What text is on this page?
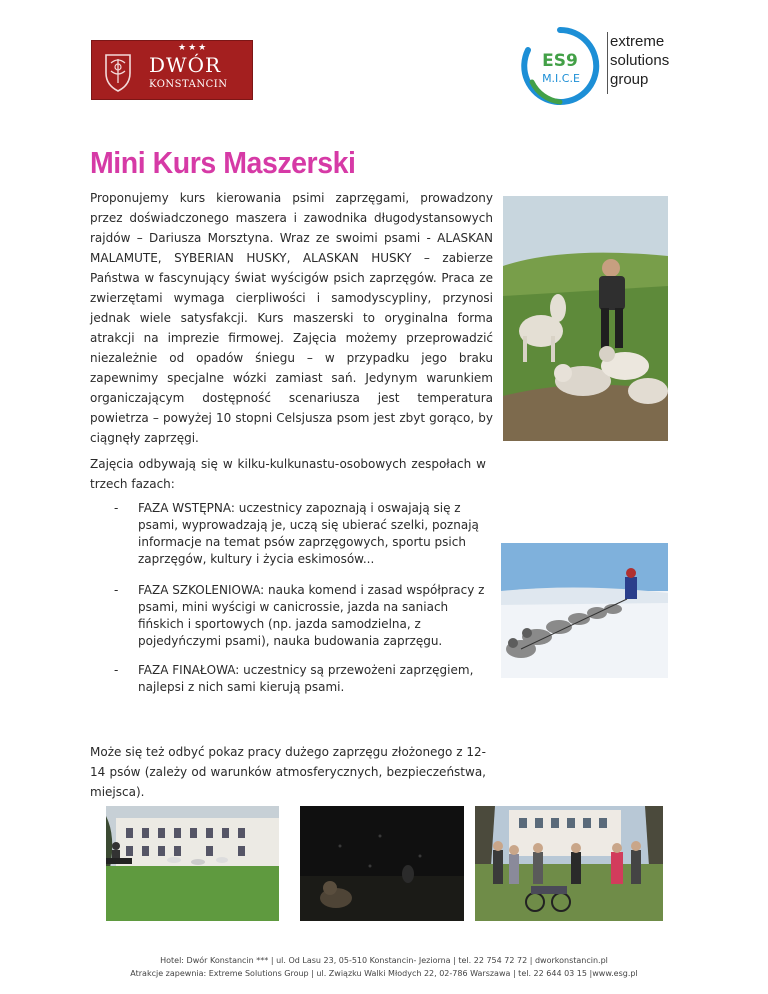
★★★
DWÓR
KONSTANCIN
ES9
M.I.C.E
extreme
solutions
group
Mini Kurs Maszerski
Proponujemy kurs kierowania psimi zaprzęgami, prowadzony przez doświadczonego maszera i zawodnika długodystansowych rajdów – Dariusza Morsztyna. Wraz ze swoimi psami - ALASKAN MALAMUTE, SYBERIAN HUSKY, ALASKAN HUSKY – zabierze Państwa w fascynujący świat wyścigów psich zaprzęgów. Praca ze zwierzętami wymaga cierpliwości i samodyscypliny, przynosi jednak wiele satysfakcji. Kurs maszerski to oryginalna forma atrakcji na imprezie firmowej. Zajęcia możemy przeprowadzić niezależnie od opadów śniegu – w przypadku jego braku zapewnimy specjalne wózki zamiast sań. Jedynym warunkiem organiczającym dostępność scenariusza jest temperatura powietrza – powyżej 10 stopni Celsjusza psom jest zbyt gorąco, by ciągnęły zaprzęgi.
Zajęcia odbywają się w kilku-kulkunastu-osobowych zespołach w trzech fazach:
- FAZA WSTĘPNA: uczestnicy zapoznają i oswajają się z psami, wyprowadzają je, uczą się ubierać szelki, poznają informacje na temat psów zaprzęgowych, sportu psich zaprzęgów, kultury i życia eskimosów...
- FAZA SZKOLENIOWA: nauka komend i zasad współpracy z psami, mini wyścigi w canicrossie, jazda na saniach fińskich i sportowych (np. jazda samodzielna, z pojedyńczymi psami), nauka budowania zaprzęgu.
- FAZA FINAŁOWA: uczestnicy są przewożeni zaprzęgiem, najlepsi z nich sami kierują psami.
Może się też odbyć pokaz pracy dużego zaprzęgu złożonego z 12-14 psów (zależy od warunków atmosferycznych, bezpieczeństwa, miejsca).
Hotel: Dwór Konstancin *** | ul. Od Lasu 23, 05-510 Konstancin- Jeziorna | tel. 22 754 72 72 | dworkonstancin.pl
Atrakcje zapewnia: Extreme Solutions Group | ul. Związku Walki Młodych 22, 02-786 Warszawa | tel. 22 644 03 15 |www.esg.pl
